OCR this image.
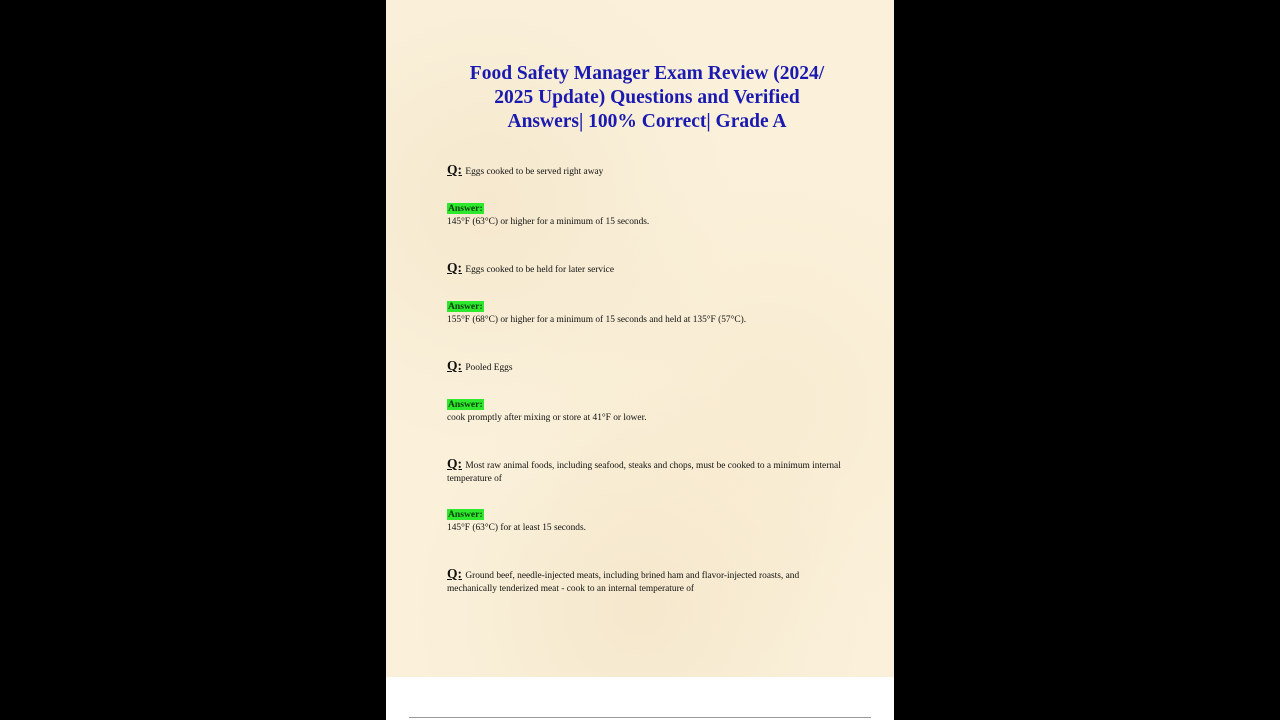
Food Safety Manager Exam Review (2024/
2025 Update) Questions and Verified
Answers| 100% Correct| Grade A
Q: Eggs cooked to be served right away
Answer:
145°F (63°C) or higher for a minimum of 15 seconds.
Q: Eggs cooked to be held for later service
Answer:
155°F (68°C) or higher for a minimum of 15 seconds and held at 135°F (57°C).
Q: Pooled Eggs
Answer:
cook promptly after mixing or store at 41°F or lower.
Q: Most raw animal foods, including seafood, steaks and chops, must be cooked to a minimum internal temperature of
Answer:
145°F (63°C) for at least 15 seconds.
Q: Ground beef, needle-injected meats, including brined ham and flavor-injected roasts, and mechanically tenderized meat - cook to an internal temperature of
